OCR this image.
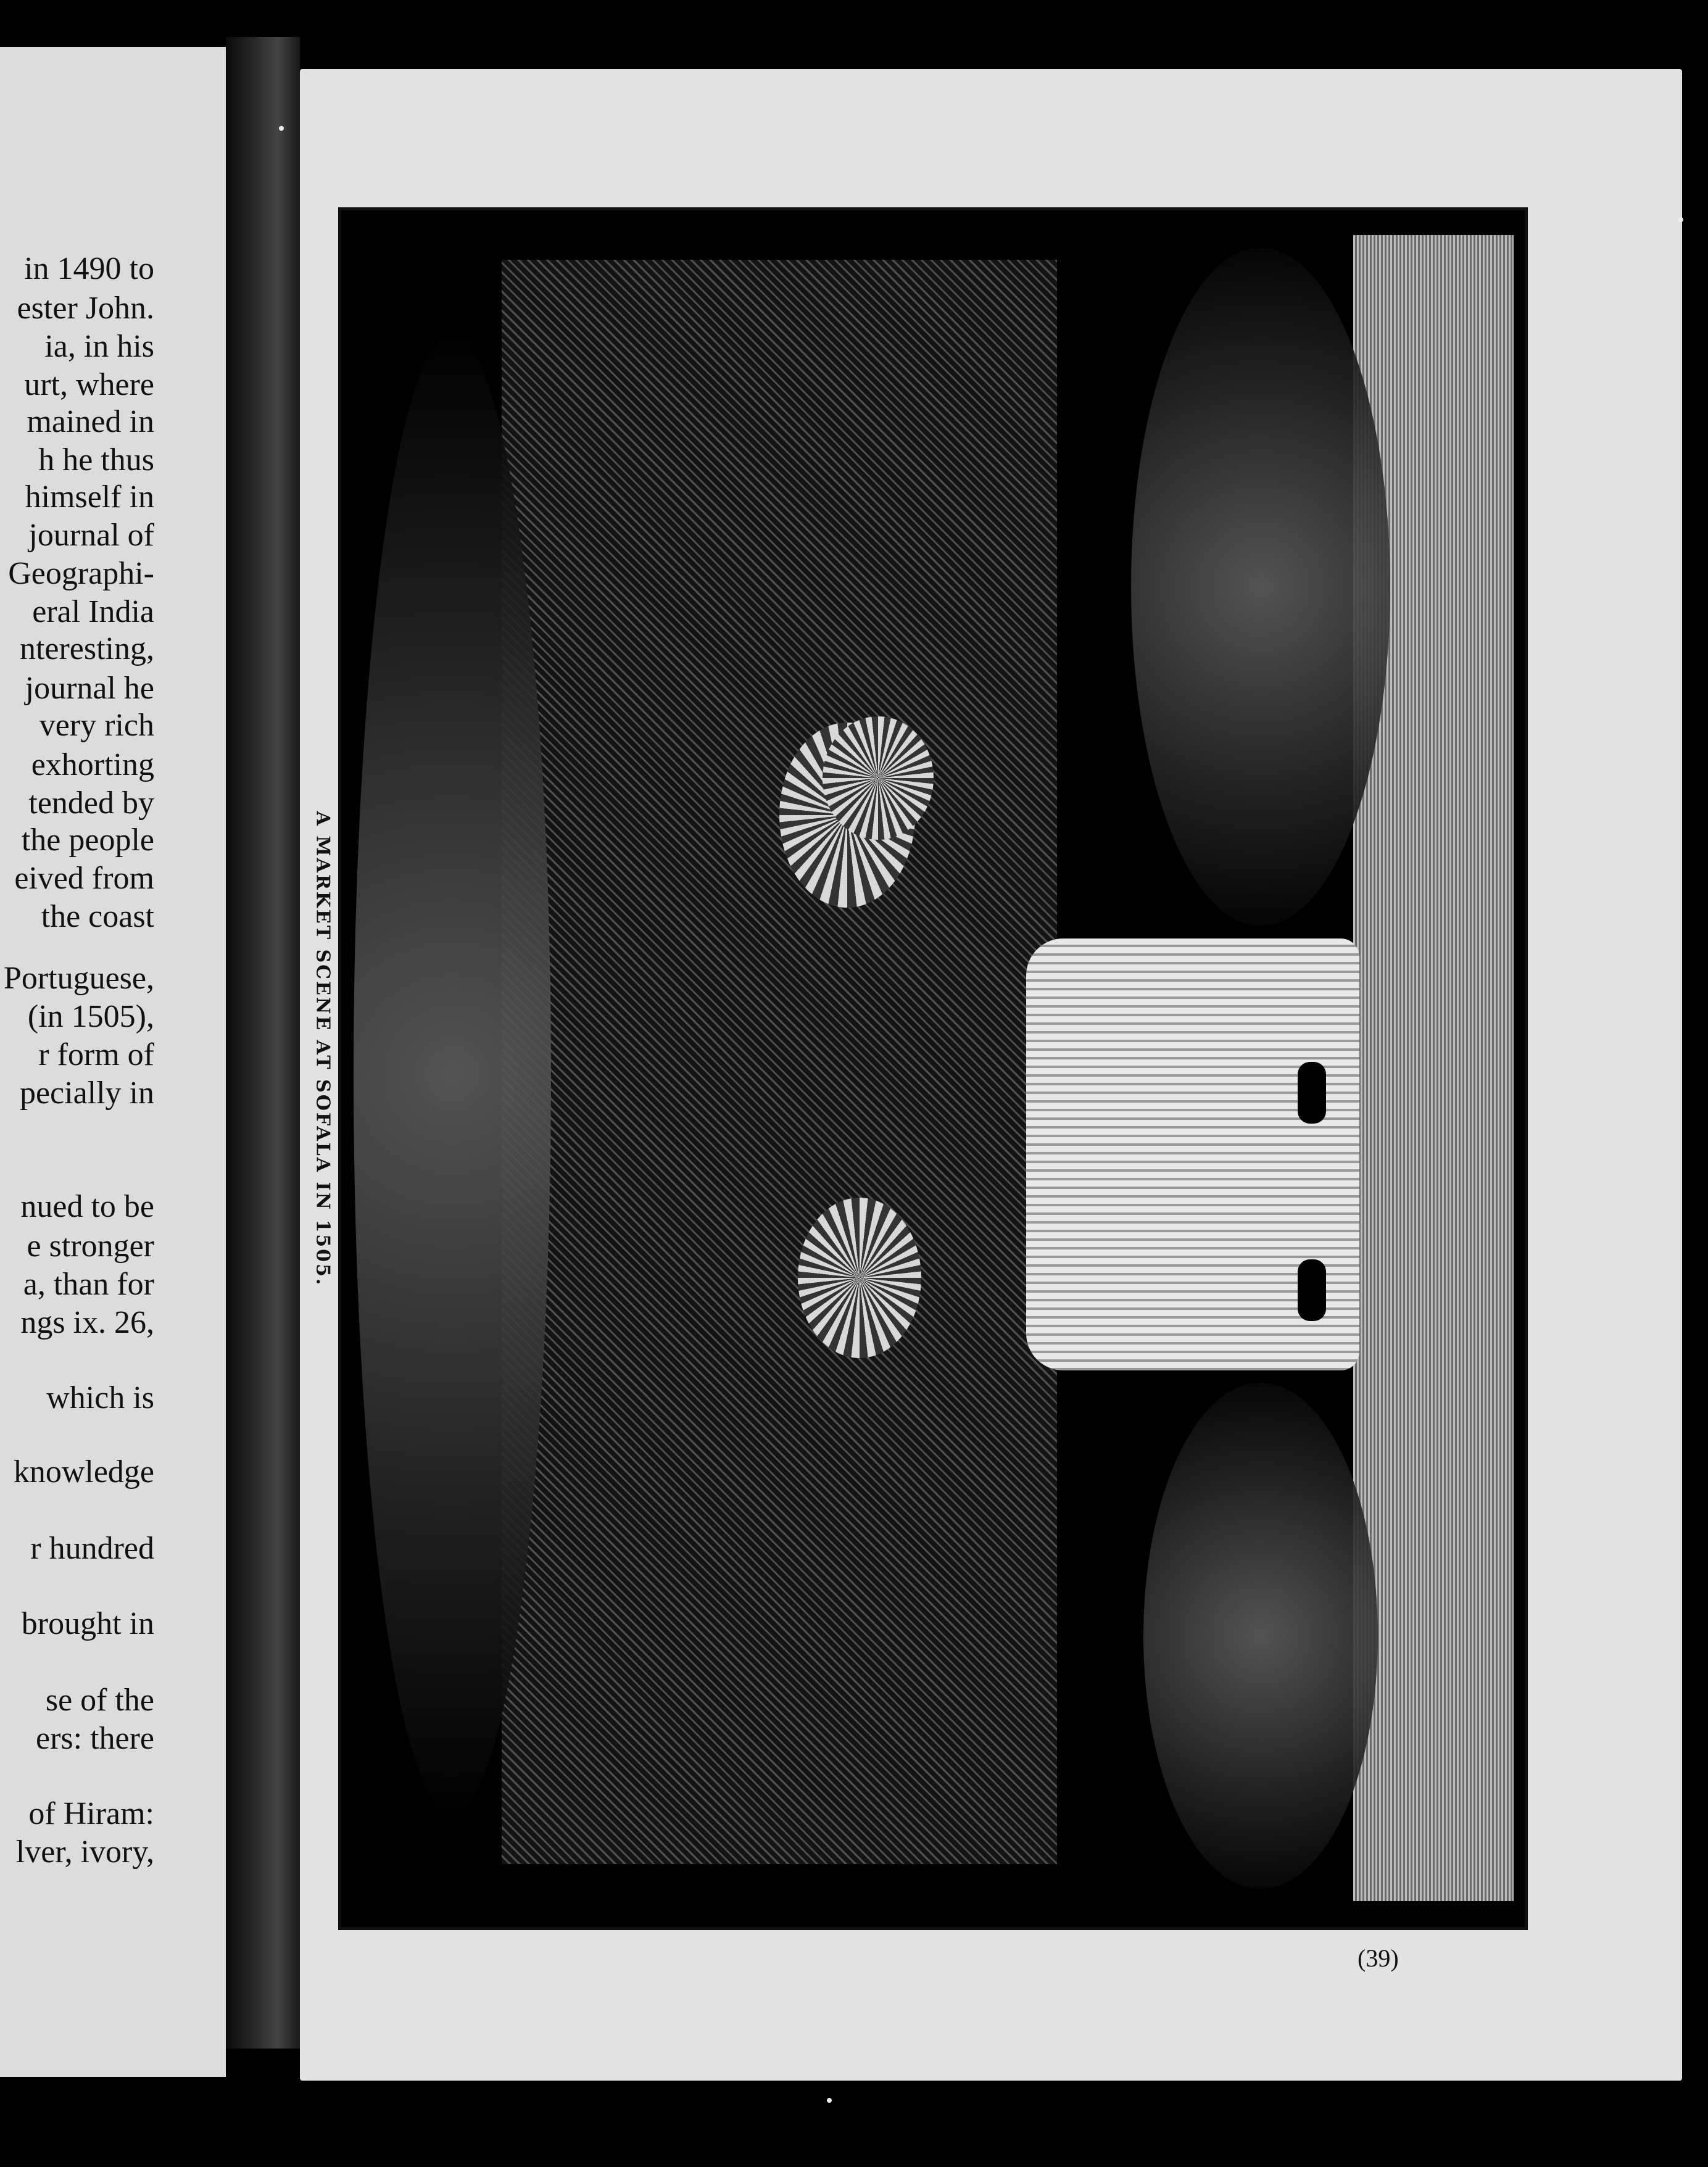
in 1490 to
ester John.
ia, in his
urt, where
mained in
h he thus
himself in
journal of
Geographi-
eral India
nteresting,
journal he
very rich
exhorting
tended by
the people
eived from
the coast
Portuguese,
(in 1505),
r form of
pecially in
nued to be
e stronger
a, than for
ngs ix. 26,
which is
knowledge
r hundred
brought in
se of the
ers: there
of Hiram:
lver, ivory,
A MARKET SCENE AT SOFALA IN 1505.
(39)
